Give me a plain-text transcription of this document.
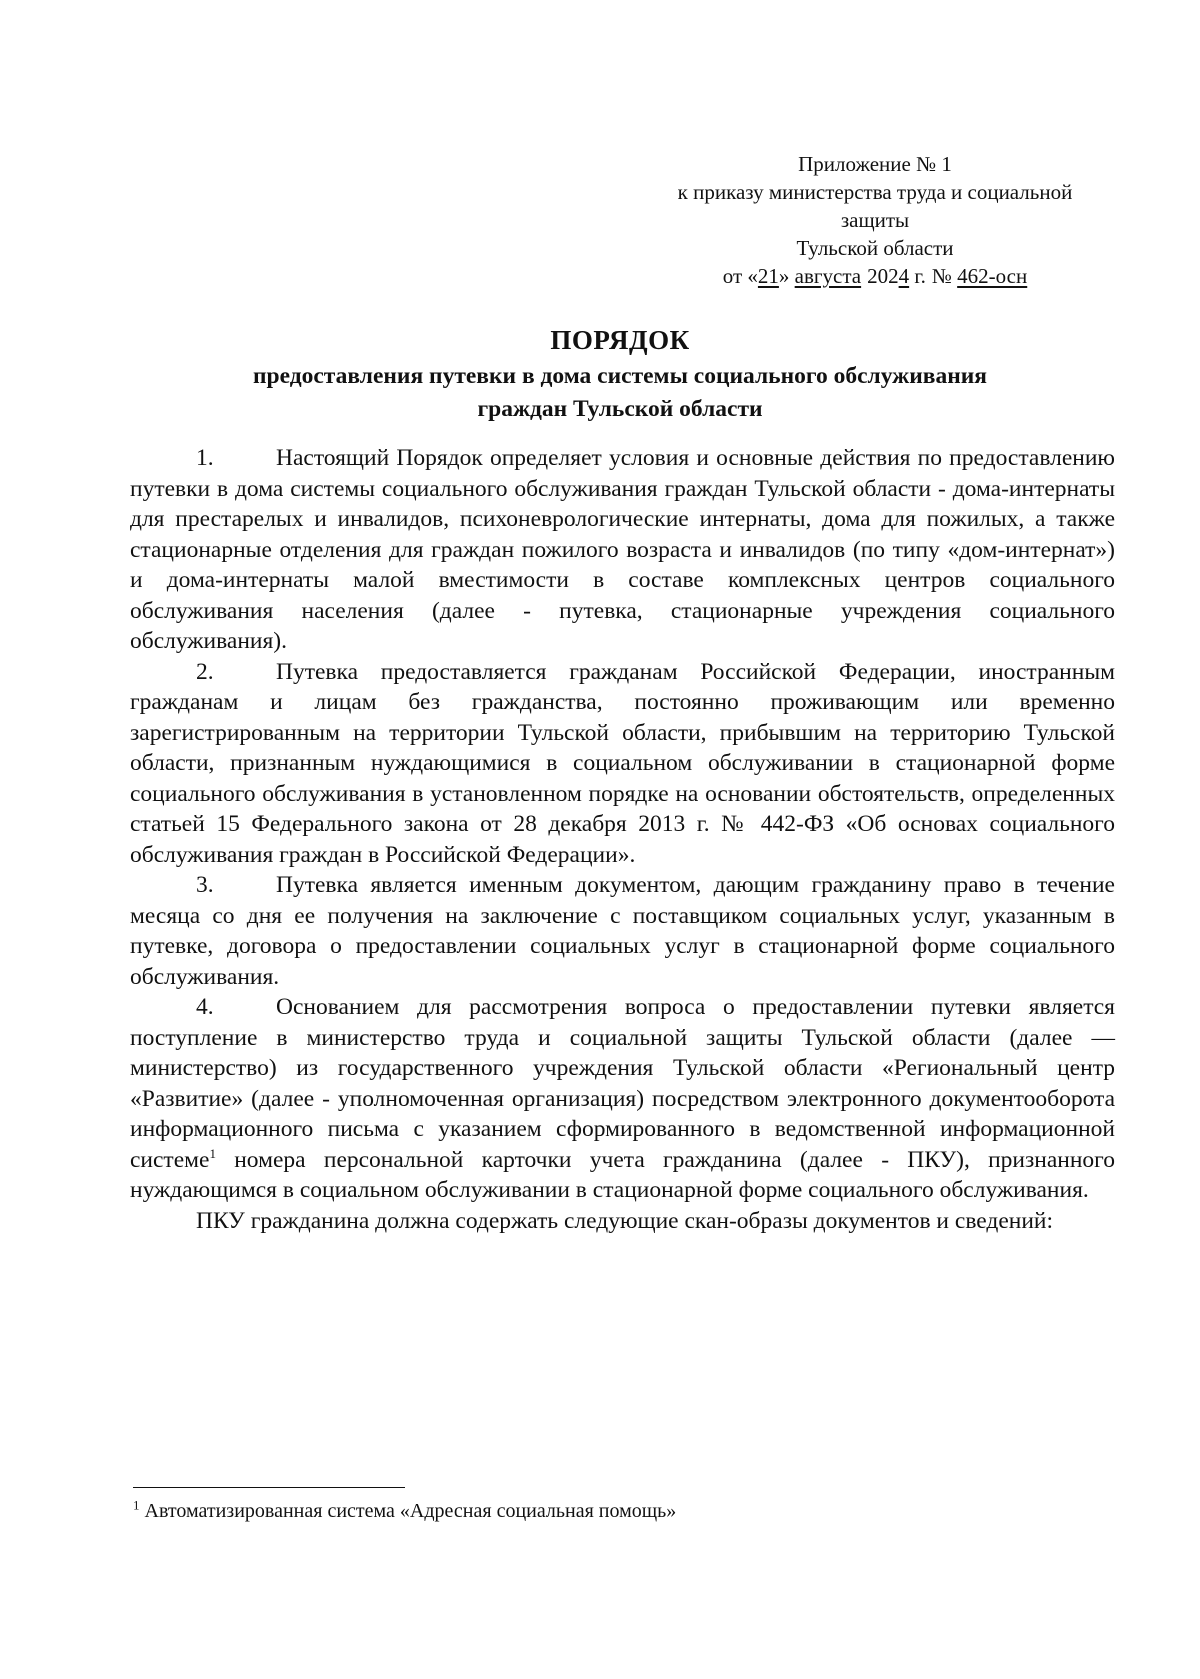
Приложение № 1
к приказу министерства труда и социальной
защиты
Тульской области
от «21» августа 2024 г. № 462-осн
ПОРЯДОК
предоставления путевки в дома системы социального обслуживания
граждан Тульской области

1.	Настоящий Порядок определяет условия и основные действия по предоставлению путевки в дома системы социального обслуживания граждан Тульской области - дома-интернаты для престарелых и инвалидов, психоневрологические интернаты, дома для пожилых, а также стационарные отделения для граждан пожилого возраста и инвалидов (по типу «дом-интернат») и дома-интернаты малой вместимости в составе комплексных центров социального обслуживания населения (далее - путевка, стационарные учреждения социального обслуживания).

2.	Путевка предоставляется гражданам Российской Федерации, иностранным гражданам и лицам без гражданства, постоянно проживающим или временно зарегистрированным на территории Тульской области, прибывшим на территорию Тульской области, признанным нуждающимися в социальном обслуживании в стационарной форме социального обслуживания в установленном порядке на основании обстоятельств, определенных статьей 15 Федерального закона от 28 декабря 2013 г. № 442-ФЗ «Об основах социального обслуживания граждан в Российской Федерации».

3.	Путевка является именным документом, дающим гражданину право в течение месяца со дня ее получения на заключение с поставщиком социальных услуг, указанным в путевке, договора о предоставлении социальных услуг в стационарной форме социального обслуживания.

4.	Основанием для рассмотрения вопроса о предоставлении путевки является поступление в министерство труда и социальной защиты Тульской области (далее — министерство) из государственного учреждения Тульской области «Региональный центр «Развитие» (далее - уполномоченная организация) посредством электронного документооборота информационного письма с указанием сформированного в ведомственной информационной системе$^1$ номера персональной карточки учета гражданина (далее - ПКУ), признанного нуждающимся в социальном обслуживании в стационарной форме социального обслуживания.

ПКУ гражданина должна содержать следующие скан-образы документов и сведений:

$^1$ Автоматизированная система «Адресная социальная помощь»
